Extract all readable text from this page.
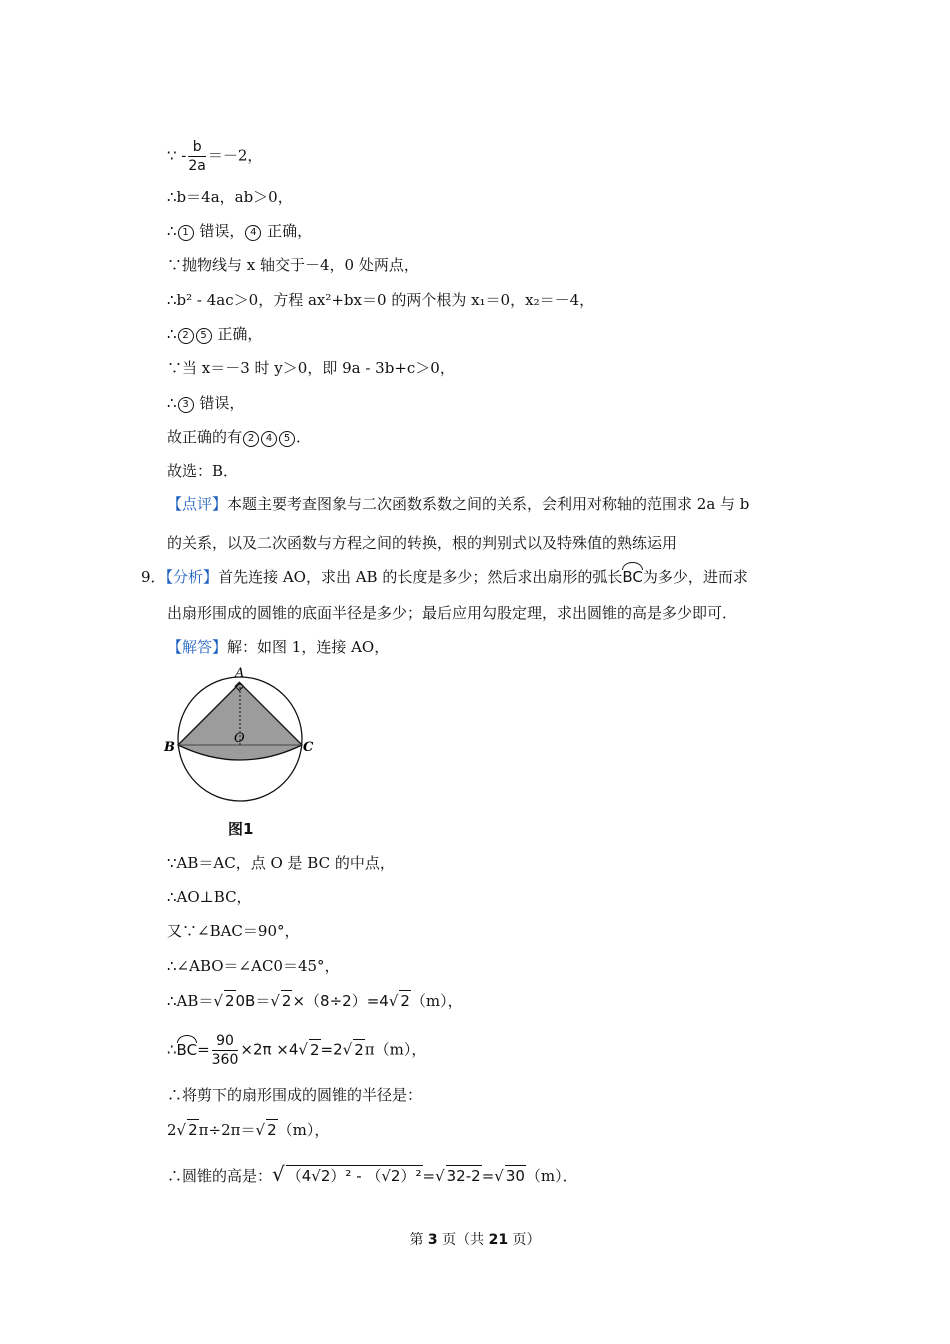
∵ - $\frac{b}{2a} =-2$，
∴b＝4a，ab＞0，
∴ 1 错误， 4 正确，
∵抛物线与 x 轴交于－4，0 处两点，
∴b² - 4ac＞0，方程 ax²+bx＝0 的两个根为 x₁＝0，x₂＝－4，
∴ 2 5 正确，
∵当 x＝－3 时 y＞0，即 9a - 3b+c＞0，
∴ 3 错误，
故正确的有 2 4 5 ．
故选：B．
【点评】本题主要考查图象与二次函数系数之间的关系，会利用对称轴的范围求 2a 与 b
的关系，以及二次函数与方程之间的转换，根的判别式以及特殊值的熟练运用
9．【分析】首先连接 AO，求出 AB 的长度是多少；然后求出扇形的弧长BC为多少，进而求
出扇形围成的圆锥的底面半径是多少；最后应用勾股定理，求出圆锥的高是多少即可．
【解答】解：如图 1，连接 AO，
A
B	C
O
图1
∵AB＝AC，点 O 是 BC 的中点，
∴AO⊥BC，
又∵∠BAC＝90°，
∴∠ABO＝∠AC0＝45°，
∴AB＝√ 20B＝√ 2×（8÷2）=4√ 2（m），
∴BC= $\frac{90}{360} \times 2\pi \times 4√$ 2=2√ 2π（m），
∴将剪下的扇形围成的圆锥的半径是：
2√ 2π÷2π＝√ 2（m），
∴圆锥的高是：√ （4√2）² - （√2）²=√ 32-2=√ 30（m）．
第 3 页（共 21 页）
